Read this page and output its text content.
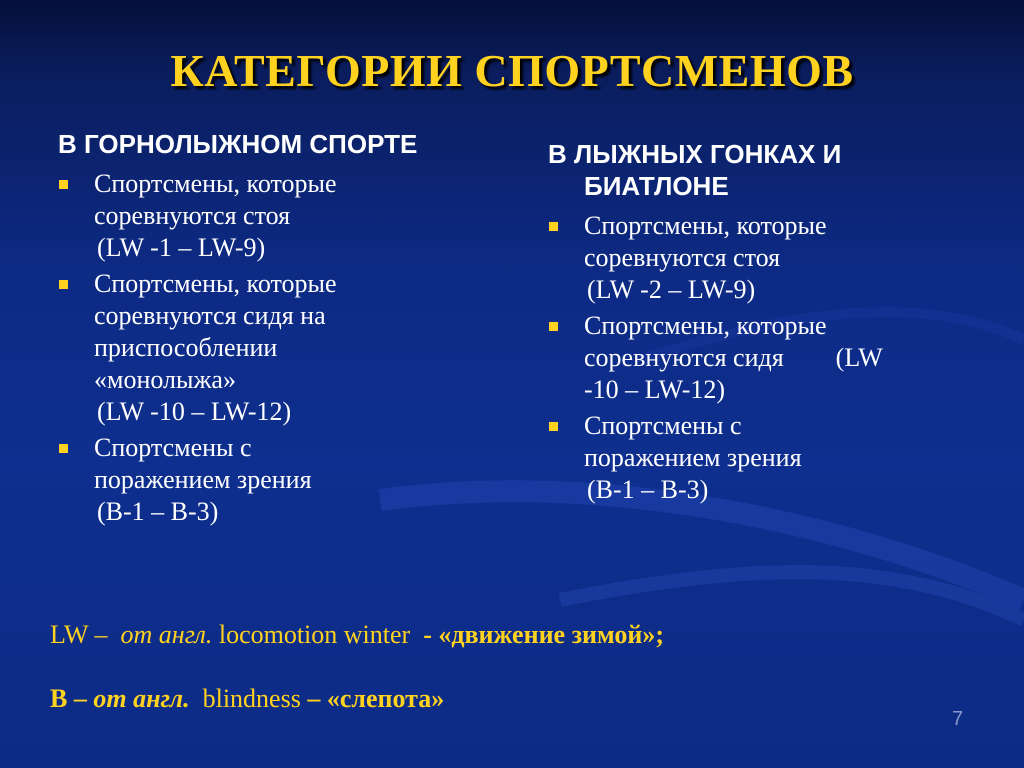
КАТЕГОРИИ СПОРТСМЕНОВ
В ГОРНОЛЫЖНОМ СПОРТЕ
Спортсмены, которые
соревнуются стоя
(LW -1 – LW-9)
Спортсмены, которые
соревнуются сидя на
приспособлении
«монолыжа»
(LW -10 – LW-12)
Спортсмены с
поражением зрения
(B-1 – B-3)
В ЛЫЖНЫХ ГОНКАХ И БИАТЛОНЕ
Спортсмены, которые
соревнуются стоя
(LW -2 – LW-9)
Спортсмены, которые
соревнуются сидя        (LW
-10 – LW-12)
Спортсмены с
поражением зрения
(B-1 – B-3)
LW – от англ. locomotion winter - «движение зимой»;
B – от англ. blindness – «слепота»
7
